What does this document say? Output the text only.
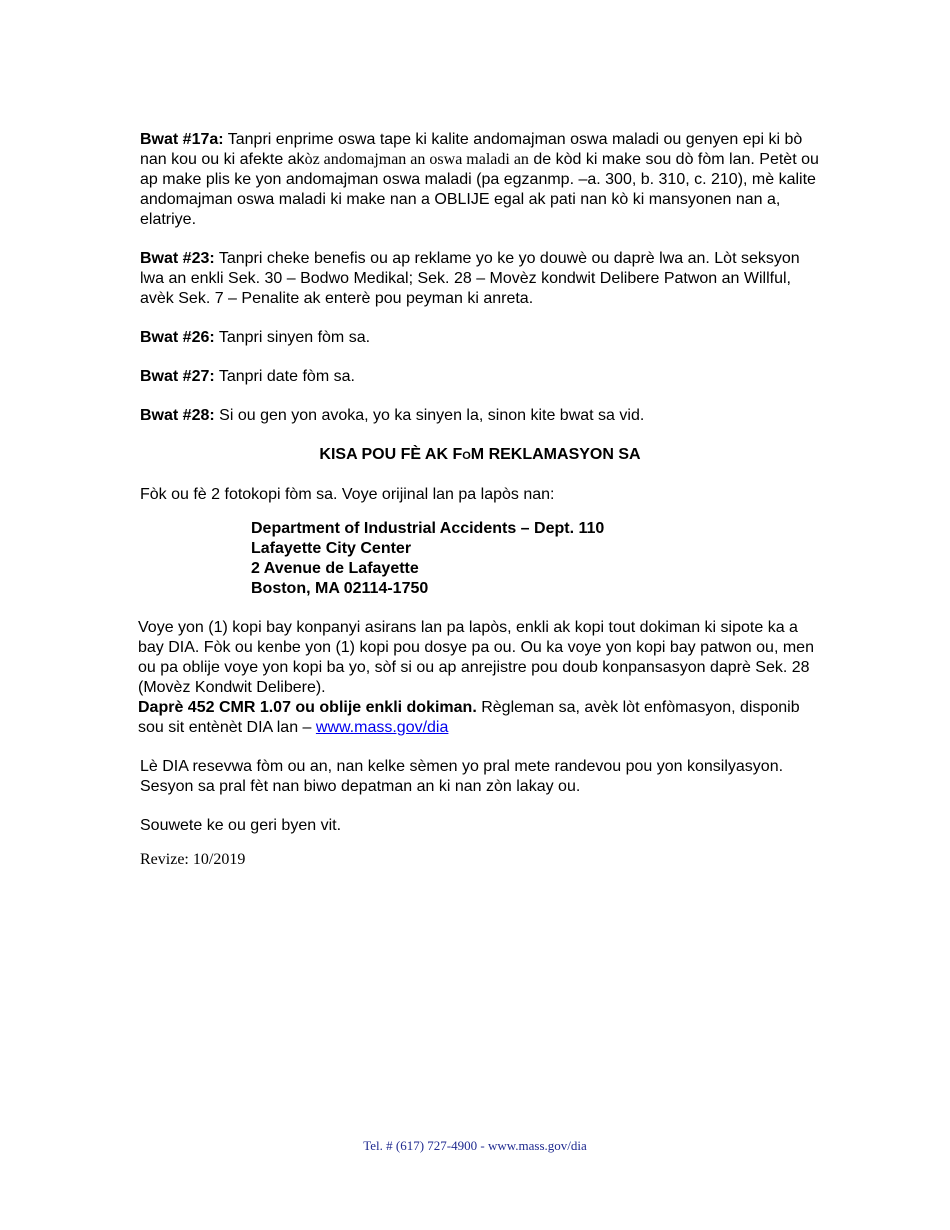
Bwat #17a: Tanpri enprime oswa tape ki kalite andomajman oswa maladi ou genyen epi ki bò nan kou ou ki afekte akòz andomajman an oswa maladi an de kòd ki make sou dò fòm lan. Petèt ou ap make plis ke yon andomajman oswa maladi (pa egzanmp. –a. 300, b. 310, c. 210), mè kalite andomajman oswa maladi ki make nan a OBLIJE egal ak pati nan kò ki mansyonen nan a, elatriye.

Bwat #23: Tanpri cheke benefis ou ap reklame yo ke yo douwè ou daprè lwa an. Lòt seksyon lwa an enkli Sek. 30 – Bodwo Medikal; Sek. 28 – Movèz kondwit Delibere Patwon an Willful, avèk Sek. 7 – Penalite ak enterè pou peyman ki anreta.

Bwat #26: Tanpri sinyen fòm sa.

Bwat #27: Tanpri date fòm sa.

Bwat #28: Si ou gen yon avoka, yo ka sinyen la, sinon kite bwat sa vid.

KISA POU FÈ AK FOM REKLAMASYON SA

Fòk ou fè 2 fotokopi fòm sa. Voye orijinal lan pa lapòs nan:

Department of Industrial Accidents – Dept. 110
Lafayette City Center
2 Avenue de Lafayette
Boston, MA 02114-1750

Voye yon (1) kopi bay konpanyi asirans lan pa lapòs, enkli ak kopi tout dokiman ki sipote ka a bay DIA. Fòk ou kenbe yon (1) kopi pou dosye pa ou. Ou ka voye yon kopi bay patwon ou, men ou pa oblije voye yon kopi ba yo, sòf si ou ap anrejistre pou doub konpansasyon daprè Sek. 28 (Movèz Kondwit Delibere).

Daprè 452 CMR 1.07 ou oblije enkli dokiman. Règleman sa, avèk lòt enfòmasyon, disponib sou sit entènèt DIA lan – www.mass.gov/dia

Lè DIA resevwa fòm ou an, nan kelke sèmen yo pral mete randevou pou yon konsilyasyon. Sesyon sa pral fèt nan biwo depatman an ki nan zòn lakay ou.

Souwete ke ou geri byen vit.

Revize: 10/2019

Tel. # (617) 727-4900 - www.mass.gov/dia
